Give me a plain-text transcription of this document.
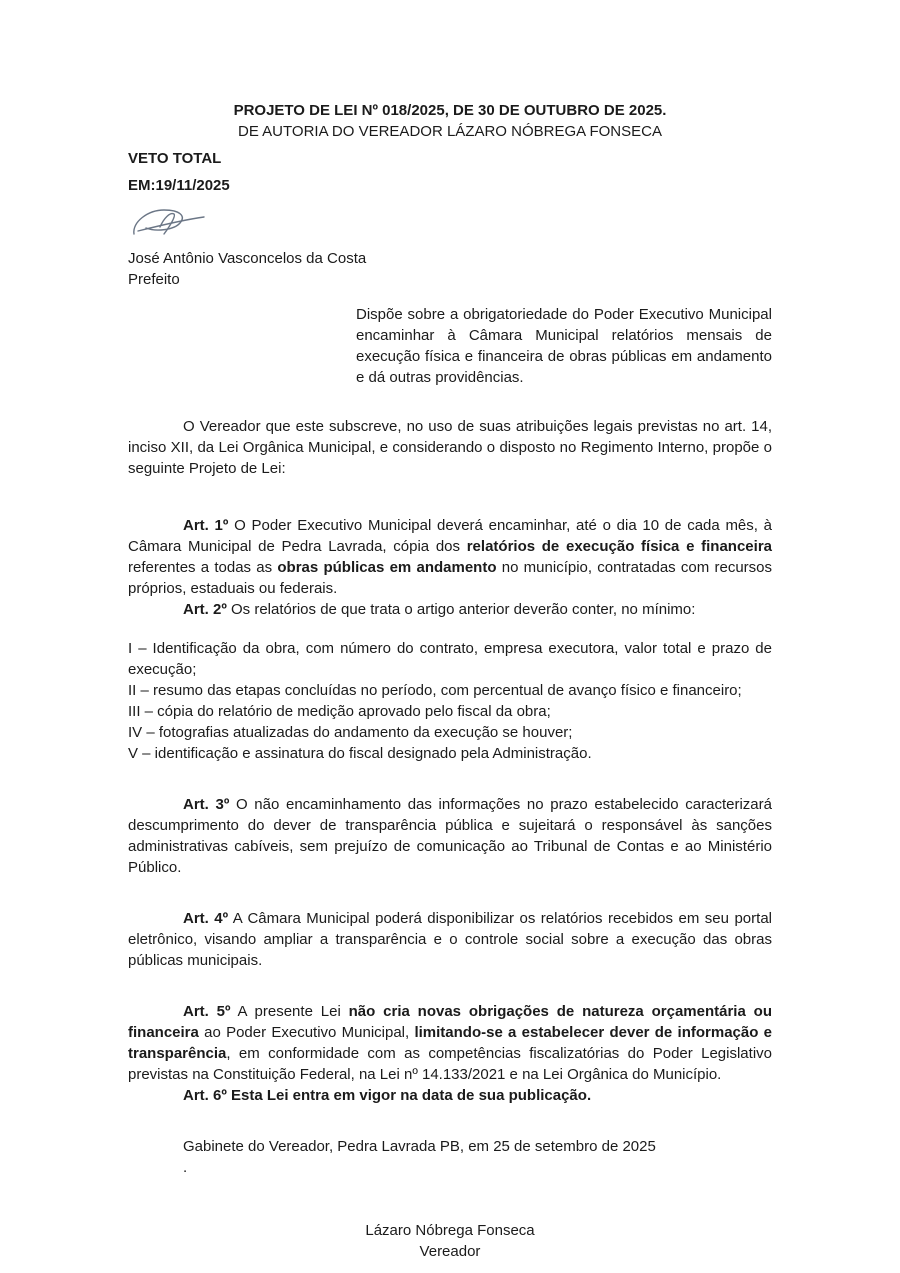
PROJETO DE LEI Nº 018/2025, DE 30 DE OUTUBRO DE 2025.

DE AUTORIA DO VEREADOR LÁZARO NÓBREGA FONSECA

VETO TOTAL

EM:19/11/2025

José Antônio Vasconcelos da Costa

Prefeito

Dispõe sobre a obrigatoriedade do Poder Executivo Municipal encaminhar à Câmara Municipal relatórios mensais de execução física e financeira de obras públicas em andamento e dá outras providências.

O Vereador que este subscreve, no uso de suas atribuições legais previstas no art. 14, inciso XII, da Lei Orgânica Municipal, e considerando o disposto no Regimento Interno, propõe o seguinte Projeto de Lei:

Art. 1º O Poder Executivo Municipal deverá encaminhar, até o dia 10 de cada mês, à Câmara Municipal de Pedra Lavrada, cópia dos relatórios de execução física e financeira referentes a todas as obras públicas em andamento no município, contratadas com recursos próprios, estaduais ou federais.

Art. 2º Os relatórios de que trata o artigo anterior deverão conter, no mínimo:

I – Identificação da obra, com número do contrato, empresa executora, valor total e prazo de execução;

II – resumo das etapas concluídas no período, com percentual de avanço físico e financeiro;

III – cópia do relatório de medição aprovado pelo fiscal da obra;

IV – fotografias atualizadas do andamento da execução se houver;

V – identificação e assinatura do fiscal designado pela Administração.

Art. 3º O não encaminhamento das informações no prazo estabelecido caracterizará descumprimento do dever de transparência pública e sujeitará o responsável às sanções administrativas cabíveis, sem prejuízo de comunicação ao Tribunal de Contas e ao Ministério Público.

Art. 4º A Câmara Municipal poderá disponibilizar os relatórios recebidos em seu portal eletrônico, visando ampliar a transparência e o controle social sobre a execução das obras públicas municipais.

Art. 5º A presente Lei não cria novas obrigações de natureza orçamentária ou financeira ao Poder Executivo Municipal, limitando-se a estabelecer dever de informação e transparência, em conformidade com as competências fiscalizatórias do Poder Legislativo previstas na Constituição Federal, na Lei nº 14.133/2021 e na Lei Orgânica do Município.

Art. 6º Esta Lei entra em vigor na data de sua publicação.

Gabinete do Vereador, Pedra Lavrada PB, em 25 de setembro de 2025

.

Lázaro Nóbrega Fonseca

Vereador
